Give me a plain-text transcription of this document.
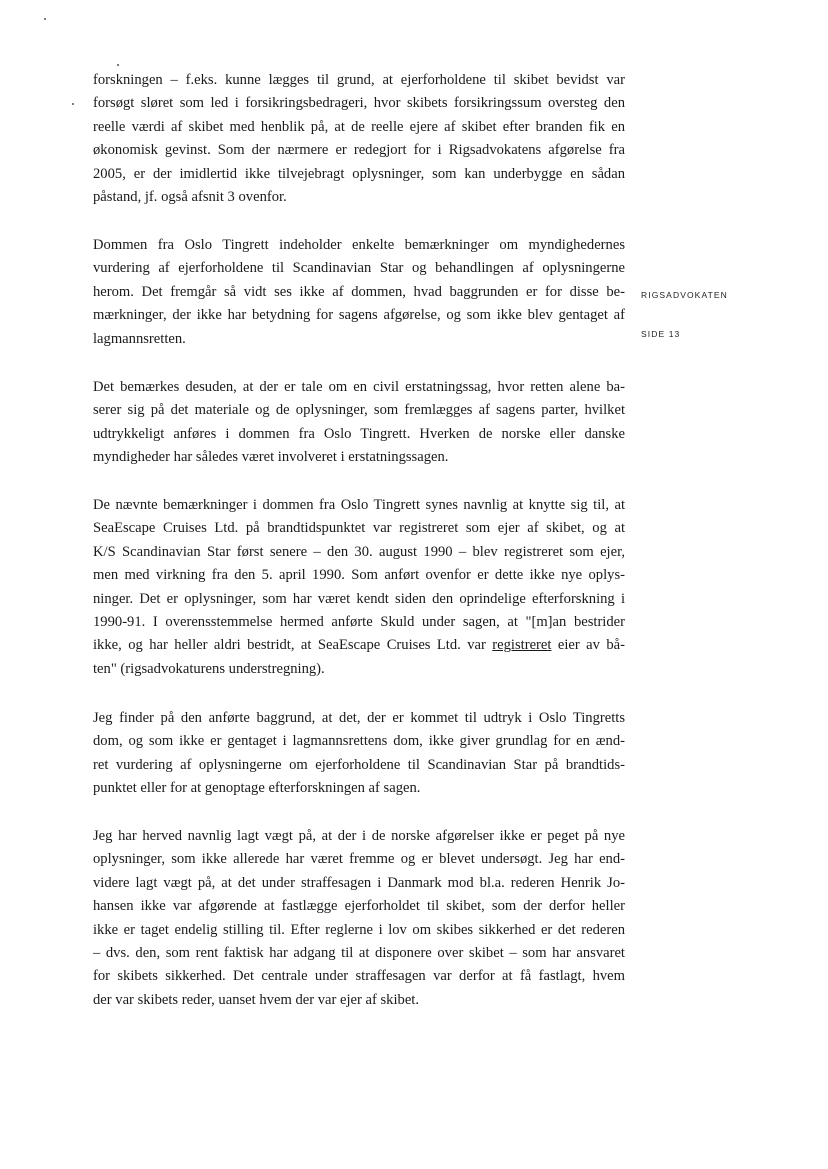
RIGSADVOKATEN
SIDE 13
forskningen – f.eks. kunne lægges til grund, at ejerforholdene til skibet bevidst var
forsøgt sløret som led i forsikringsbedrageri, hvor skibets forsikringssum oversteg den
reelle værdi af skibet med henblik på, at de reelle ejere af skibet efter branden fik en
økonomisk gevinst. Som der nærmere er redegjort for i Rigsadvokatens afgørelse fra
2005, er der imidlertid ikke tilvejebragt oplysninger, som kan underbygge en sådan
påstand, jf. også afsnit 3 ovenfor.
Dommen fra Oslo Tingrett indeholder enkelte bemærkninger om myndighedernes
vurdering af ejerforholdene til Scandinavian Star og behandlingen af oplysningerne
herom. Det fremgår så vidt ses ikke af dommen, hvad baggrunden er for disse be-
mærkninger, der ikke har betydning for sagens afgørelse, og som ikke blev gentaget af
lagmannsretten.
Det bemærkes desuden, at der er tale om en civil erstatningssag, hvor retten alene ba-
serer sig på det materiale og de oplysninger, som fremlægges af sagens parter, hvilket
udtrykkeligt anføres i dommen fra Oslo Tingrett. Hverken de norske eller danske
myndigheder har således været involveret i erstatningssagen.
De nævnte bemærkninger i dommen fra Oslo Tingrett synes navnlig at knytte sig til, at
SeaEscape Cruises Ltd. på brandtidspunktet var registreret som ejer af skibet, og at
K/S Scandinavian Star først senere – den 30. august 1990 – blev registreret som ejer,
men med virkning fra den 5. april 1990. Som anført ovenfor er dette ikke nye oplys-
ninger. Det er oplysninger, som har været kendt siden den oprindelige efterforskning i
1990-91. I overensstemmelse hermed anførte Skuld under sagen, at "[m]an bestrider
ikke, og har heller aldri bestridt, at SeaEscape Cruises Ltd. var registreret eier av bå-
ten" (rigsadvokaturens understregning).
Jeg finder på den anførte baggrund, at det, der er kommet til udtryk i Oslo Tingretts
dom, og som ikke er gentaget i lagmannsrettens dom, ikke giver grundlag for en ænd-
ret vurdering af oplysningerne om ejerforholdene til Scandinavian Star på brandtids-
punktet eller for at genoptage efterforskningen af sagen.
Jeg har herved navnlig lagt vægt på, at der i de norske afgørelser ikke er peget på nye
oplysninger, som ikke allerede har været fremme og er blevet undersøgt. Jeg har end-
videre lagt vægt på, at det under straffesagen i Danmark mod bl.a. rederen Henrik Jo-
hansen ikke var afgørende at fastlægge ejerforholdet til skibet, som der derfor heller
ikke er taget endelig stilling til. Efter reglerne i lov om skibes sikkerhed er det rederen
– dvs. den, som rent faktisk har adgang til at disponere over skibet – som har ansvaret
for skibets sikkerhed. Det centrale under straffesagen var derfor at få fastlagt, hvem
der var skibets reder, uanset hvem der var ejer af skibet.
